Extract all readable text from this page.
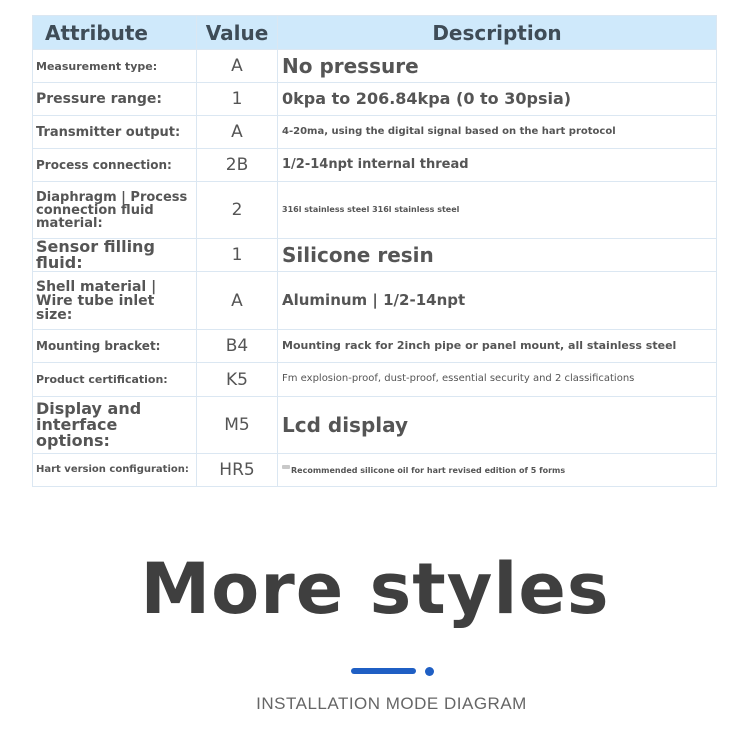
Attribute	Value	Description
Measurement type:	A	No pressure
Pressure range:	1	0kpa to 206.84kpa (0 to 30psia)
Transmitter output:	A	4-20ma, using the digital signal based on the hart protocol
Process connection:	2B	1/2-14npt internal thread
Diaphragm | Process connection fluid material:	2	316l stainless steel 316l stainless steel
Sensor filling fluid:	1	Silicone resin
Shell material | Wire tube inlet size:	A	Aluminum | 1/2-14npt
Mounting bracket:	B4	Mounting rack for 2inch pipe or panel mount, all stainless steel
Product certification:	K5	Fm explosion-proof, dust-proof, essential security and 2 classifications
Display and interface options:	M5	Lcd display
Hart version configuration:	HR5	Recommended silicone oil for hart revised edition of 5 forms
More styles
INSTALLATION MODE DIAGRAM
